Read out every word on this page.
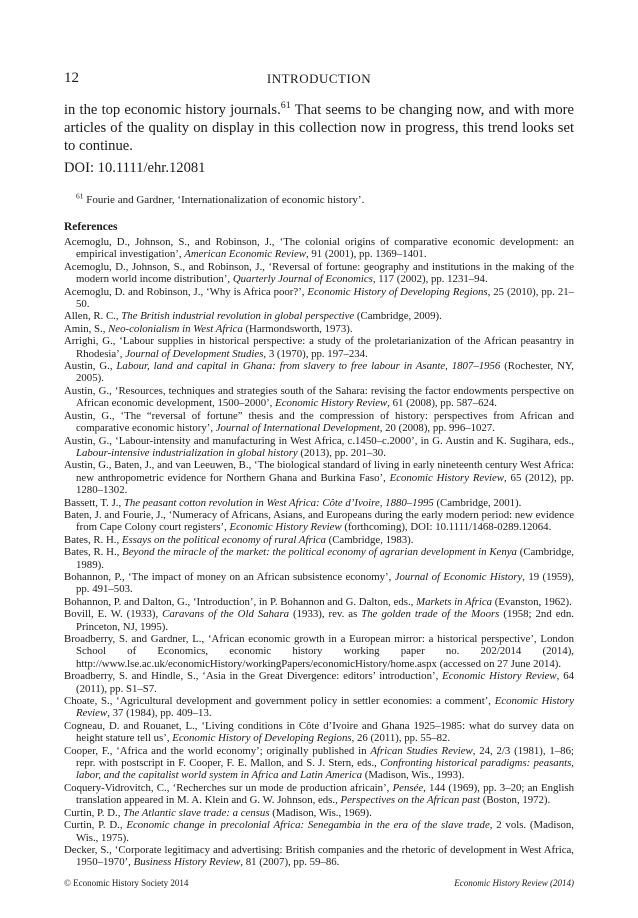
12	INTRODUCTION

in the top economic history journals.$^{61}$ That seems to be changing now, and with more articles of the quality on display in this collection now in progress, this trend looks set to continue.

DOI: 10.1111/ehr.12081

$^{61}$ Fourie and Gardner, ‘Internationalization of economic history’.

References
Acemoglu, D., Johnson, S., and Robinson, J., ‘The colonial origins of comparative economic development: an empirical investigation’, American Economic Review, 91 (2001), pp. 1369–1401.
Acemoglu, D., Johnson, S., and Robinson, J., ‘Reversal of fortune: geography and institutions in the making of the modern world income distribution’, Quarterly Journal of Economics, 117 (2002), pp. 1231–94.
Acemoglu, D. and Robinson, J., ‘Why is Africa poor?’, Economic History of Developing Regions, 25 (2010), pp. 21–50.
Allen, R. C., The British industrial revolution in global perspective (Cambridge, 2009).
Amin, S., Neo-colonialism in West Africa (Harmondsworth, 1973).
Arrighi, G., ‘Labour supplies in historical perspective: a study of the proletarianization of the African peasantry in Rhodesia’, Journal of Development Studies, 3 (1970), pp. 197–234.
Austin, G., Labour, land and capital in Ghana: from slavery to free labour in Asante, 1807–1956 (Rochester, NY, 2005).
Austin, G., ‘Resources, techniques and strategies south of the Sahara: revising the factor endowments perspective on African economic development, 1500–2000’, Economic History Review, 61 (2008), pp. 587–624.
Austin, G., ‘The “reversal of fortune” thesis and the compression of history: perspectives from African and comparative economic history’, Journal of International Development, 20 (2008), pp. 996–1027.
Austin, G., ‘Labour-intensity and manufacturing in West Africa, c.1450–c.2000’, in G. Austin and K. Sugihara, eds., Labour-intensive industrialization in global history (2013), pp. 201–30.
Austin, G., Baten, J., and van Leeuwen, B., ‘The biological standard of living in early nineteenth century West Africa: new anthropometric evidence for Northern Ghana and Burkina Faso’, Economic History Review, 65 (2012), pp. 1280–1302.
Bassett, T. J., The peasant cotton revolution in West Africa: Côte d’Ivoire, 1880–1995 (Cambridge, 2001).
Baten, J. and Fourie, J., ‘Numeracy of Africans, Asians, and Europeans during the early modern period: new evidence from Cape Colony court registers’, Economic History Review (forthcoming), DOI: 10.1111/1468-0289.12064.
Bates, R. H., Essays on the political economy of rural Africa (Cambridge, 1983).
Bates, R. H., Beyond the miracle of the market: the political economy of agrarian development in Kenya (Cambridge, 1989).
Bohannon, P., ‘The impact of money on an African subsistence economy’, Journal of Economic History, 19 (1959), pp. 491–503.
Bohannon, P. and Dalton, G., ‘Introduction’, in P. Bohannon and G. Dalton, eds., Markets in Africa (Evanston, 1962).
Bovill, E. W. (1933), Caravans of the Old Sahara (1933), rev. as The golden trade of the Moors (1958; 2nd edn. Princeton, NJ, 1995).
Broadberry, S. and Gardner, L., ‘African economic growth in a European mirror: a historical perspective’, London School of Economics, economic history working paper no. 202/2014 (2014), http://www.lse.ac.uk/economicHistory/workingPapers/economicHistory/home.aspx (accessed on 27 June 2014).
Broadberry, S. and Hindle, S., ‘Asia in the Great Divergence: editors’ introduction’, Economic History Review, 64 (2011), pp. S1–S7.
Choate, S., ‘Agricultural development and government policy in settler economies: a comment’, Economic History Review, 37 (1984), pp. 409–13.
Cogneau, D. and Rouanet, L., ‘Living conditions in Côte d’Ivoire and Ghana 1925–1985: what do survey data on height stature tell us’, Economic History of Developing Regions, 26 (2011), pp. 55–82.
Cooper, F., ‘Africa and the world economy’; originally published in African Studies Review, 24, 2/3 (1981), 1–86; repr. with postscript in F. Cooper, F. E. Mallon, and S. J. Stern, eds., Confronting historical paradigms: peasants, labor, and the capitalist world system in Africa and Latin America (Madison, Wis., 1993).
Coquery-Vidrovitch, C., ‘Recherches sur un mode de production africain’, Pensée, 144 (1969), pp. 3–20; an English translation appeared in M. A. Klein and G. W. Johnson, eds., Perspectives on the African past (Boston, 1972).
Curtin, P. D., The Atlantic slave trade: a census (Madison, Wis., 1969).
Curtin, P. D., Economic change in precolonial Africa: Senegambia in the era of the slave trade, 2 vols. (Madison, Wis., 1975).
Decker, S., ‘Corporate legitimacy and advertising: British companies and the rhetoric of development in West Africa, 1950–1970’, Business History Review, 81 (2007), pp. 59–86.
© Economic History Society 2014	Economic History Review (2014)
